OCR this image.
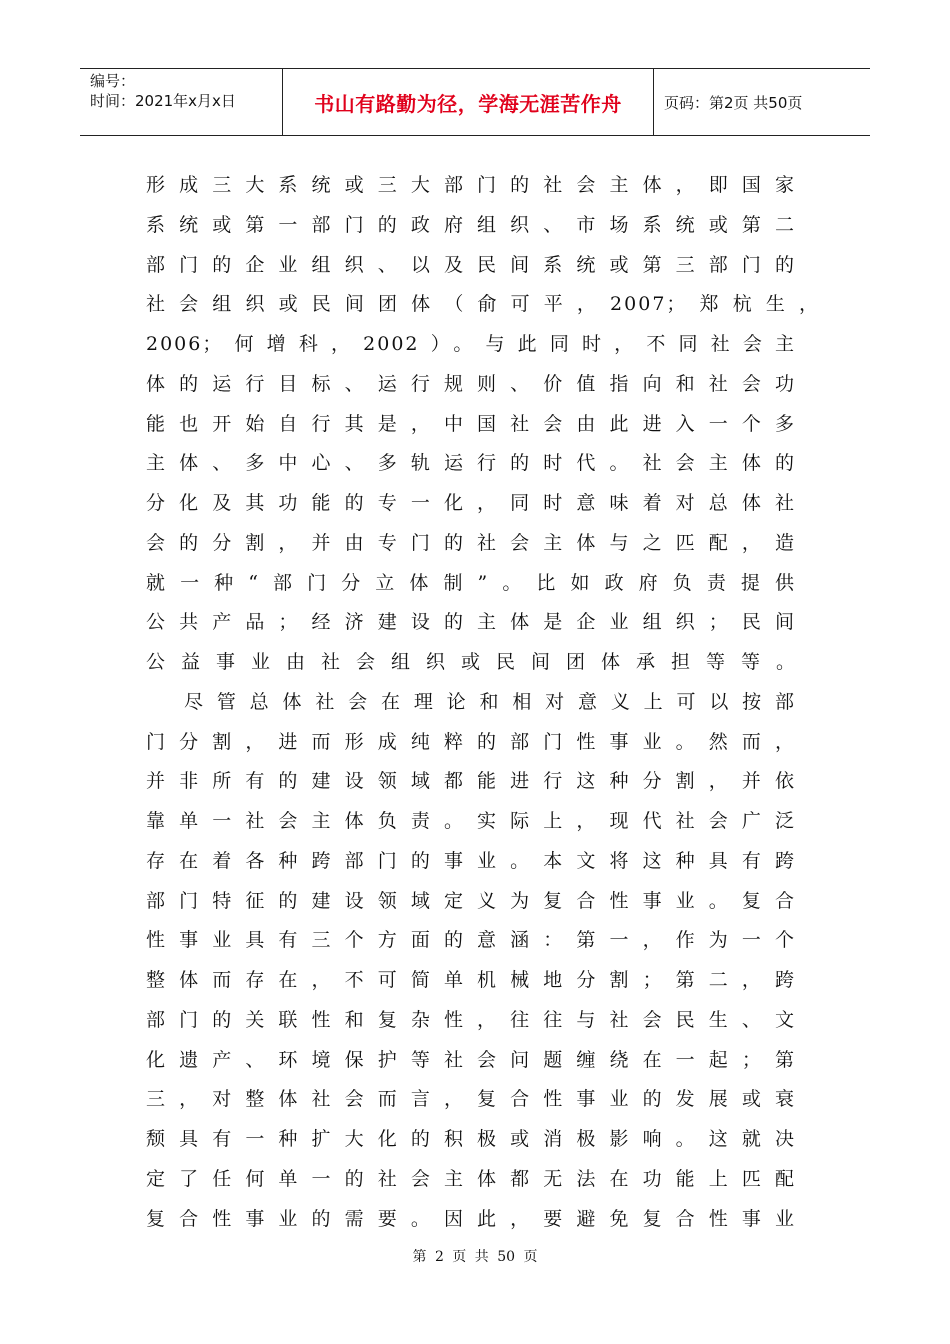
编号：
时间：2021年x月x日	书山有路勤为径，学海无涯苦作舟	页码：第2页 共50页
形成三大系统或三大部门的社会主体，即国家
系统或第一部门的政府组织、市场系统或第二
部门的企业组织、以及民间系统或第三部门的
社会组织或民间团体（俞可平，2007；郑杭生，
2006；何增科，2002）。与此同时，不同社会主
体的运行目标、运行规则、价值指向和社会功
能也开始自行其是，中国社会由此进入一个多
主体、多中心、多轨运行的时代。社会主体的
分化及其功能的专一化，同时意味着对总体社
会的分割，并由专门的社会主体与之匹配，造
就一种“部门分立体制”。比如政府负责提供
公共产品；经济建设的主体是企业组织；民间
公益事业由社会组织或民间团体承担等等。
尽管总体社会在理论和相对意义上可以按部
门分割，进而形成纯粹的部门性事业。然而，
并非所有的建设领域都能进行这种分割，并依
靠单一社会主体负责。实际上，现代社会广泛
存在着各种跨部门的事业。本文将这种具有跨
部门特征的建设领域定义为复合性事业。复合
性事业具有三个方面的意涵：第一，作为一个
整体而存在，不可简单机械地分割；第二，跨
部门的关联性和复杂性，往往与社会民生、文
化遗产、环境保护等社会问题缠绕在一起；第
三，对整体社会而言，复合性事业的发展或衰
颓具有一种扩大化的积极或消极影响。这就决
定了任何单一的社会主体都无法在功能上匹配
复合性事业的需要。因此，要避免复合性事业
第 2 页 共 50 页
